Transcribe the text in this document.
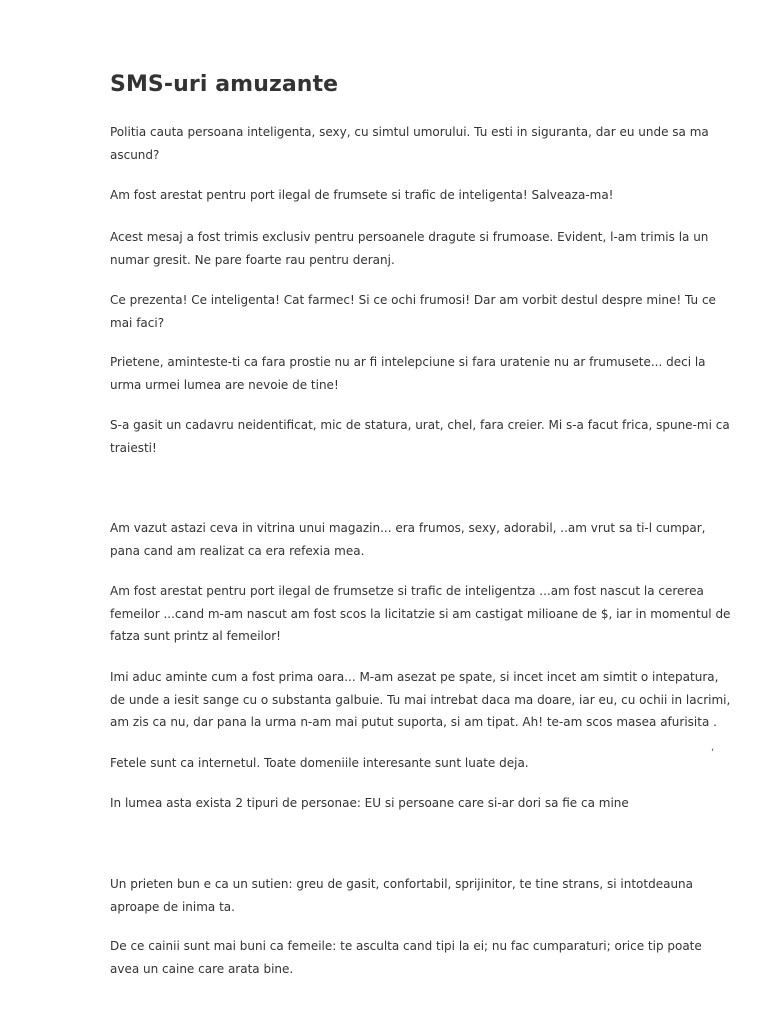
SMS-uri amuzante

Politia cauta persoana inteligenta, sexy, cu simtul umorului. Tu esti in siguranta, dar eu unde sa ma
ascund?

Am fost arestat pentru port ilegal de frumsete si trafic de inteligenta! Salveaza-ma!

Acest mesaj a fost trimis exclusiv pentru persoanele dragute si frumoase. Evident, l-am trimis la un
numar gresit. Ne pare foarte rau pentru deranj.

Ce prezenta! Ce inteligenta! Cat farmec! Si ce ochi frumosi! Dar am vorbit destul despre mine! Tu ce
mai faci?

Prietene, aminteste-ti ca fara prostie nu ar fi intelepciune si fara uratenie nu ar frumusete... deci la
urma urmei lumea are nevoie de tine!

S-a gasit un cadavru neidentificat, mic de statura, urat, chel, fara creier. Mi s-a facut frica, spune-mi ca
traiesti!

Am vazut astazi ceva in vitrina unui magazin... era frumos, sexy, adorabil, ..am vrut sa ti-l cumpar,
pana cand am realizat ca era refexia mea.

Am fost arestat pentru port ilegal de frumsetze si trafic de inteligentza ...am fost nascut la cererea
femeilor ...cand m-am nascut am fost scos la licitatzie si am castigat milioane de $, iar in momentul de
fatza sunt printz al femeilor!

Imi aduc aminte cum a fost prima oara... M-am asezat pe spate, si incet incet am simtit o intepatura,
de unde a iesit sange cu o substanta galbuie. Tu mai intrebat daca ma doare, iar eu, cu ochii in lacrimi,
am zis ca nu, dar pana la urma n-am mai putut suporta, si am tipat. Ah! te-am scos masea afurisita .

Fetele sunt ca internetul. Toate domeniile interesante sunt luate deja.

In lumea asta exista 2 tipuri de personae: EU si persoane care si-ar dori sa fie ca mine

Un prieten bun e ca un sutien: greu de gasit, confortabil, sprijinitor, te tine strans, si intotdeauna
aproape de inima ta.

De ce cainii sunt mai buni ca femeile: te asculta cand tipi la ei; nu fac cumparaturi; orice tip poate
avea un caine care arata bine.

,
